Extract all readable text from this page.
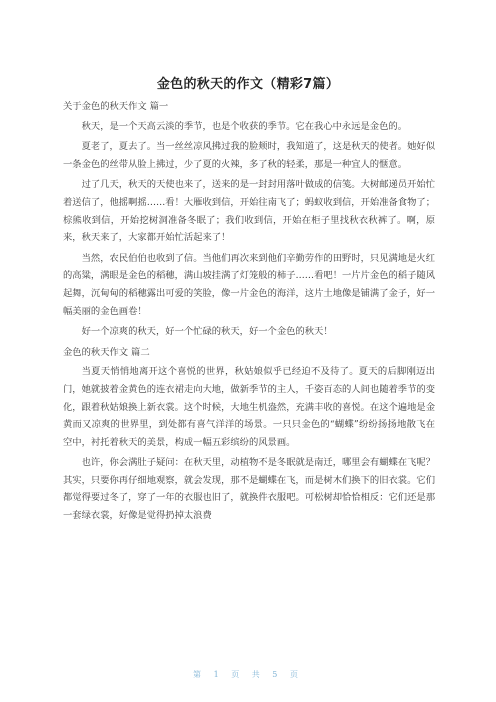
金色的秋天的作文（精彩7篇）

关于金色的秋天作文 篇一

秋天，是一个天高云淡的季节，也是个收获的季节。它在我心中永远是金色的。

夏老了，夏去了。当一丝丝凉风拂过我的脸颊时，我知道了，这是秋天的使者。她好似一条金色的丝带从脸上拂过，少了夏的火辣，多了秋的轻柔，那是一种宜人的惬意。

过了几天，秋天的天使也来了，送来的是一封封用落叶做成的信笺。大树邮递员开始忙着送信了，他摇啊摇……看！大雁收到信，开始往南飞了；蚂蚁收到信，开始准备食物了；棕熊收到信，开始挖树洞准备冬眠了；我们收到信，开始在柜子里找秋衣秋裤了。啊，原来，秋天来了，大家都开始忙活起来了！

当然，农民伯伯也收到了信。当他们再次来到他们辛勤劳作的田野时，只见满地是火红的高粱，满眼是金色的稻穗，满山坡挂满了灯笼般的柿子……看吧！一片片金色的稻子随风起舞，沉甸甸的稻穗露出可爱的笑脸，像一片金色的海洋，这片土地像是铺满了金子，好一幅美丽的金色画卷！

好一个凉爽的秋天，好一个忙碌的秋天，好一个金色的秋天！

金色的秋天作文 篇二

当夏天悄悄地离开这个喜悦的世界，秋姑娘似乎已经迫不及待了。夏天的后脚刚迈出门，她就披着金黄色的连衣裙走向大地，做新季节的主人，千姿百态的人间也随着季节的变化，跟着秋姑娘换上新衣裳。这个时候，大地生机盎然，充满丰收的喜悦。在这个遍地是金黄而又凉爽的世界里，到处都有喜气洋洋的场景。一只只金色的“蝴蝶”纷纷扬扬地散飞在空中，衬托着秋天的美景，构成一幅五彩缤纷的风景画。

也许，你会满肚子疑问：在秋天里，动植物不是冬眠就是南迁，哪里会有蝴蝶在飞呢？其实，只要你再仔细地观察，就会发现，那不是蝴蝶在飞，而是树木们换下的旧衣裳。它们都觉得要过冬了，穿了一年的衣服也旧了，就换件衣服吧。可松树却恰恰相反：它们还是那一套绿衣裳，好像是觉得扔掉太浪费

第 1 页 共 5 页
